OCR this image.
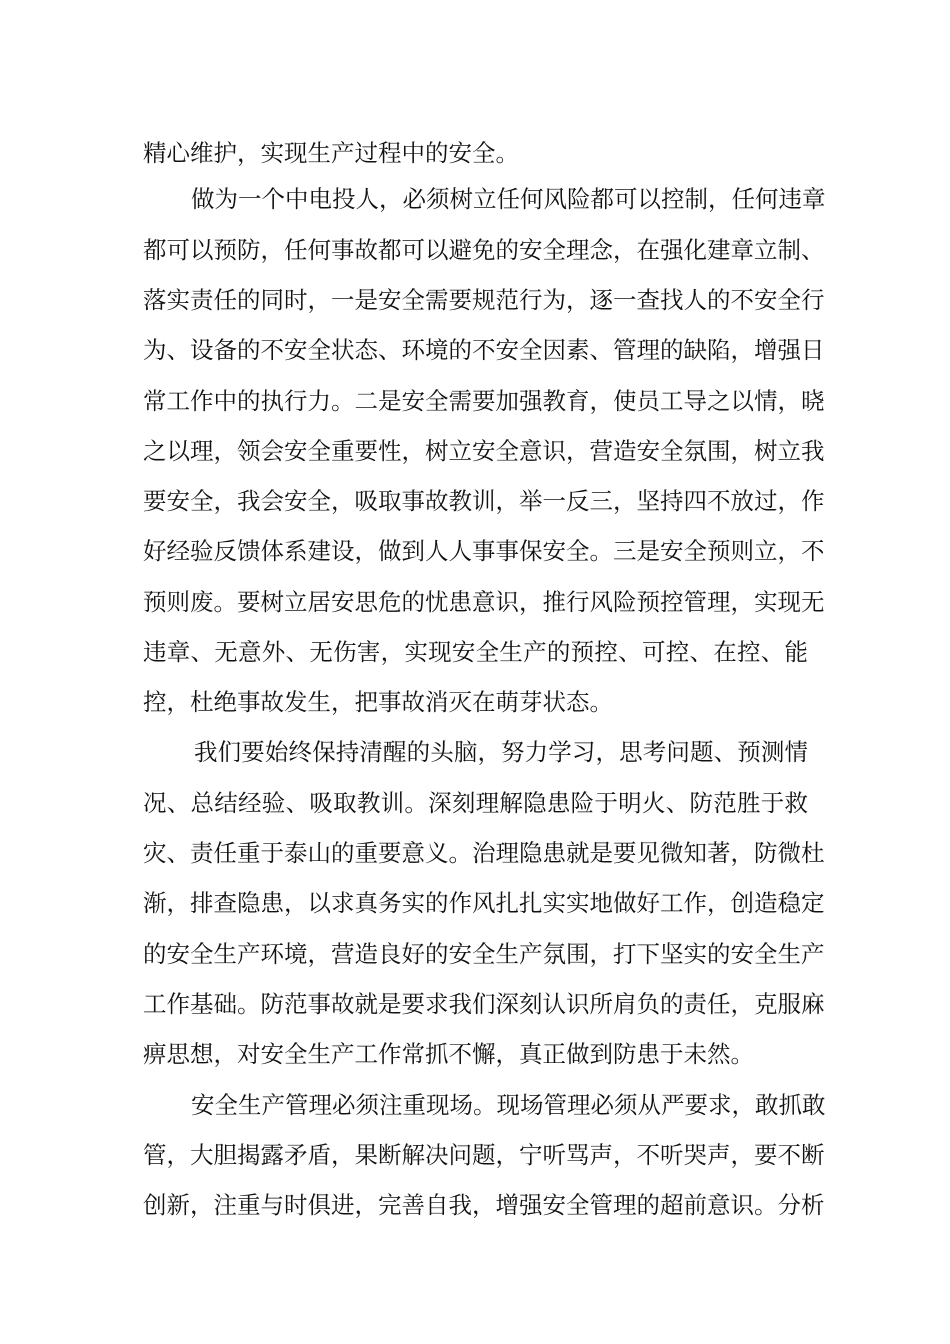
精心维护，实现生产过程中的安全。
做为一个中电投人，必须树立任何风险都可以控制，任何违章
都可以预防，任何事故都可以避免的安全理念，在强化建章立制、
落实责任的同时，一是安全需要规范行为，逐一查找人的不安全行
为、设备的不安全状态、环境的不安全因素、管理的缺陷，增强日
常工作中的执行力。二是安全需要加强教育，使员工导之以情，晓
之以理，领会安全重要性，树立安全意识，营造安全氛围，树立我
要安全，我会安全，吸取事故教训，举一反三，坚持四不放过，作
好经验反馈体系建设，做到人人事事保安全。三是安全预则立，不
预则废。要树立居安思危的忧患意识，推行风险预控管理，实现无
违章、无意外、无伤害，实现安全生产的预控、可控、在控、能
控，杜绝事故发生，把事故消灭在萌芽状态。
我们要始终保持清醒的头脑，努力学习，思考问题、预测情
况、总结经验、吸取教训。深刻理解隐患险于明火、防范胜于救
灾、责任重于泰山的重要意义。治理隐患就是要见微知著，防微杜
渐，排查隐患，以求真务实的作风扎扎实实地做好工作，创造稳定
的安全生产环境，营造良好的安全生产氛围，打下坚实的安全生产
工作基础。防范事故就是要求我们深刻认识所肩负的责任，克服麻
痹思想，对安全生产工作常抓不懈，真正做到防患于未然。
安全生产管理必须注重现场。现场管理必须从严要求，敢抓敢
管，大胆揭露矛盾，果断解决问题，宁听骂声，不听哭声，要不断
创新，注重与时俱进，完善自我，增强安全管理的超前意识。分析
